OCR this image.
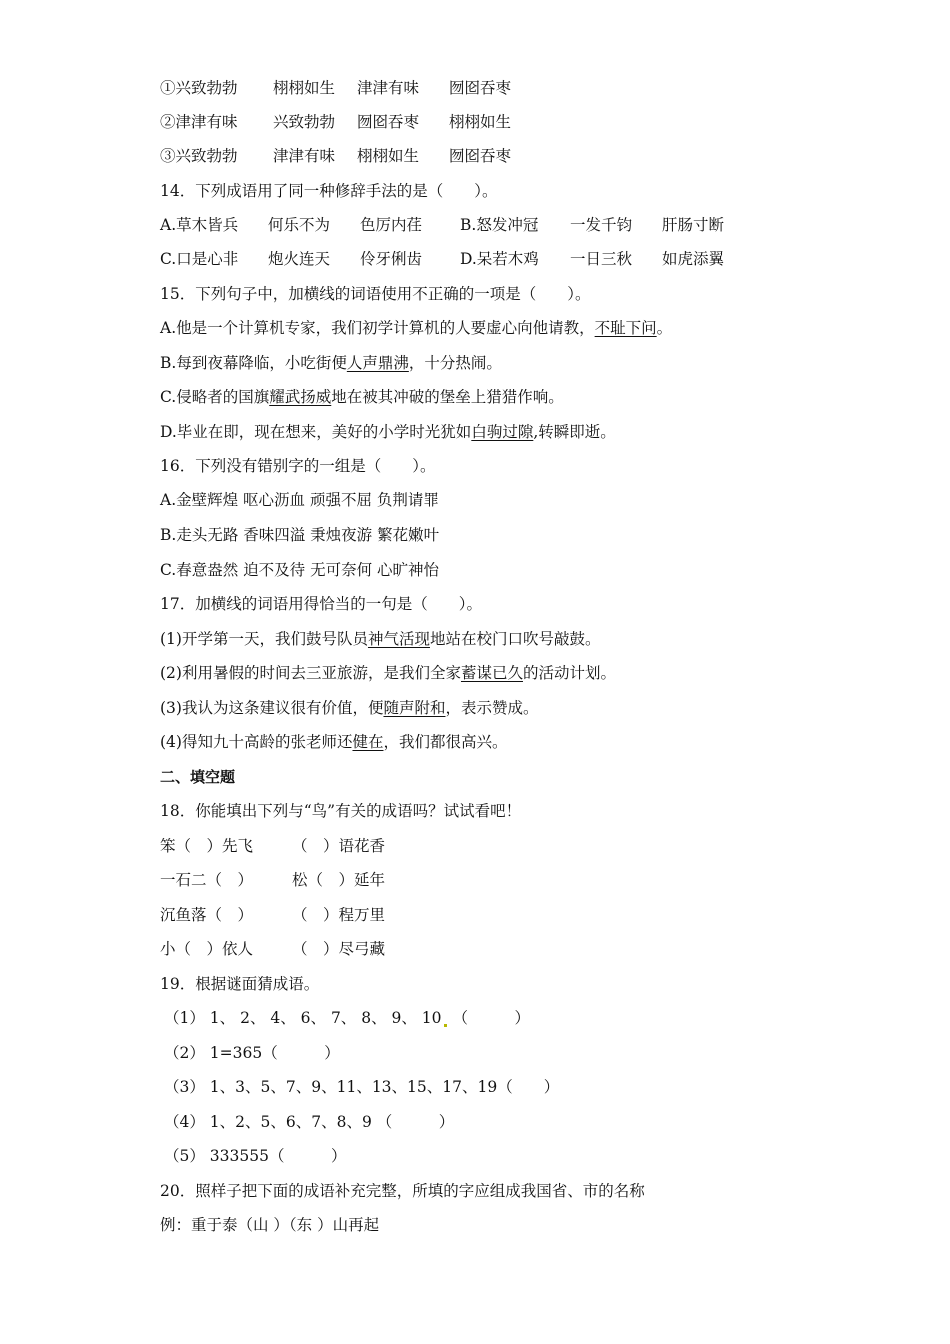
①兴致勃勃 栩栩如生 津津有味 囫囵吞枣
②津津有味 兴致勃勃 囫囵吞枣 栩栩如生
③兴致勃勃 津津有味 栩栩如生 囫囵吞枣
14．下列成语用了同一种修辞手法的是（　　）。
A.草木皆兵 何乐不为 色厉内荏 B.怒发冲冠 一发千钧 肝肠寸断
C.口是心非 炮火连天 伶牙俐齿 D.呆若木鸡 一日三秋 如虎添翼
15．下列句子中，加横线的词语使用不正确的一项是（　　）。
A.他是一个计算机专家，我们初学计算机的人要虚心向他请教，不耻下问。
B.每到夜幕降临，小吃街便人声鼎沸，十分热闹。
C.侵略者的国旗耀武扬威地在被其冲破的堡垒上猎猎作响。
D.毕业在即，现在想来，美好的小学时光犹如白驹过隙,转瞬即逝。
16．下列没有错别字的一组是（　　）。
A.金壁辉煌 呕心沥血 顽强不屈 负荆请罪
B.走头无路 香味四溢 秉烛夜游 繁花嫩叶
C.春意盎然 迫不及待 无可奈何 心旷神怡
17．加横线的词语用得恰当的一句是（　　）。
(1)开学第一天，我们鼓号队员神气活现地站在校门口吹号敲鼓。
(2)利用暑假的时间去三亚旅游，是我们全家蓄谋已久的活动计划。
(3)我认为这条建议很有价值，便随声附和，表示赞成。
(4)得知九十高龄的张老师还健在，我们都很高兴。
二、填空题
18．你能填出下列与“鸟”有关的成语吗？试试看吧！
笨（　）先飞	（　）语花香
一石二（　）	松（　）延年
沉鱼落（　）	（　）程万里
小（　）依人	（　）尽弓藏
19．根据谜面猜成语。
（1） 1、 2、 4、 6、 7、 8、 9、 10 （　　　）
（2） 1=365（　　　）
（3） 1、3、5、7、9、11、13、15、17、19（　　）
（4） 1、2、5、6、7、8、9 （　　　）
（5） 333555（　　　）
20．照样子把下面的成语补充完整，所填的字应组成我国省、市的名称
例：重于泰（山 ）（东 ）山再起
